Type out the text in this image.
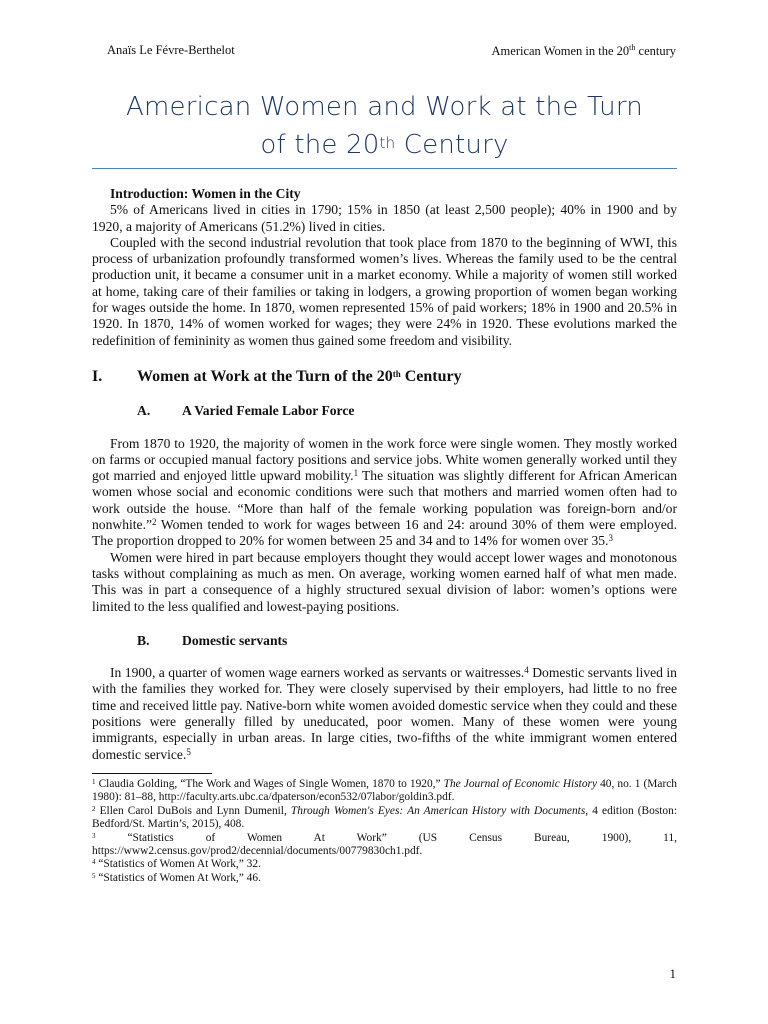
Anaïs Le Févre-Berthelot	American Women in the 20th century
American Women and Work at the Turn
of the 20th Century
Introduction: Women in the City

5% of Americans lived in cities in 1790; 15% in 1850 (at least 2,500 people); 40% in 1900 and by 1920, a majority of Americans (51.2%) lived in cities.

Coupled with the second industrial revolution that took place from 1870 to the beginning of WWI, this process of urbanization profoundly transformed women’s lives. Whereas the family used to be the central production unit, it became a consumer unit in a market economy. While a majority of women still worked at home, taking care of their families or taking in lodgers, a growing proportion of women began working for wages outside the home. In 1870, women represented 15% of paid workers; 18% in 1900 and 20.5% in 1920. In 1870, 14% of women worked for wages; they were 24% in 1920. These evolutions marked the redefinition of femininity as women thus gained some freedom and visibility.

I.	Women at Work at the Turn of the 20th Century
A.	A Varied Female Labor Force

From 1870 to 1920, the majority of women in the work force were single women. They mostly worked on farms or occupied manual factory positions and service jobs. White women generally worked until they got married and enjoyed little upward mobility.$^1$ The situation was slightly different for African American women whose social and economic conditions were such that mothers and married women often had to work outside the house. “More than half of the female working population was foreign-born and/or nonwhite.”$^2$ Women tended to work for wages between 16 and 24: around 30% of them were employed. The proportion dropped to 20% for women between 25 and 34 and to 14% for women over 35.$^3$

Women were hired in part because employers thought they would accept lower wages and monotonous tasks without complaining as much as men. On average, working women earned half of what men made. This was in part a consequence of a highly structured sexual division of labor: women’s options were limited to the less qualified and lowest-paying positions.

B.	Domestic servants

In 1900, a quarter of women wage earners worked as servants or waitresses.$^4$ Domestic servants lived in with the families they worked for. They were closely supervised by their employers, had little to no free time and received little pay. Native-born white women avoided domestic service when they could and these positions were generally filled by uneducated, poor women. Many of these women were young immigrants, especially in urban areas. In large cities, two-fifths of the white immigrant women entered domestic service.$^5$

$^1$ Claudia Golding, “The Work and Wages of Single Women, 1870 to 1920,” The Journal of Economic History 40, no. 1 (March 1980): 81–88, http://faculty.arts.ubc.ca/dpaterson/econ532/07labor/goldin3.pdf.

$^2$ Ellen Carol DuBois and Lynn Dumenil, Through Women's Eyes: An American History with Documents, 4 edition (Boston: Bedford/St. Martin’s, 2015), 408.

$^3$ “Statistics of Women At Work” (US Census Bureau, 1900), 11,

https://www2.census.gov/prod2/decennial/documents/00779830ch1.pdf.

$^4$ “Statistics of Women At Work,” 32.

$^5$ “Statistics of Women At Work,” 46.

1
